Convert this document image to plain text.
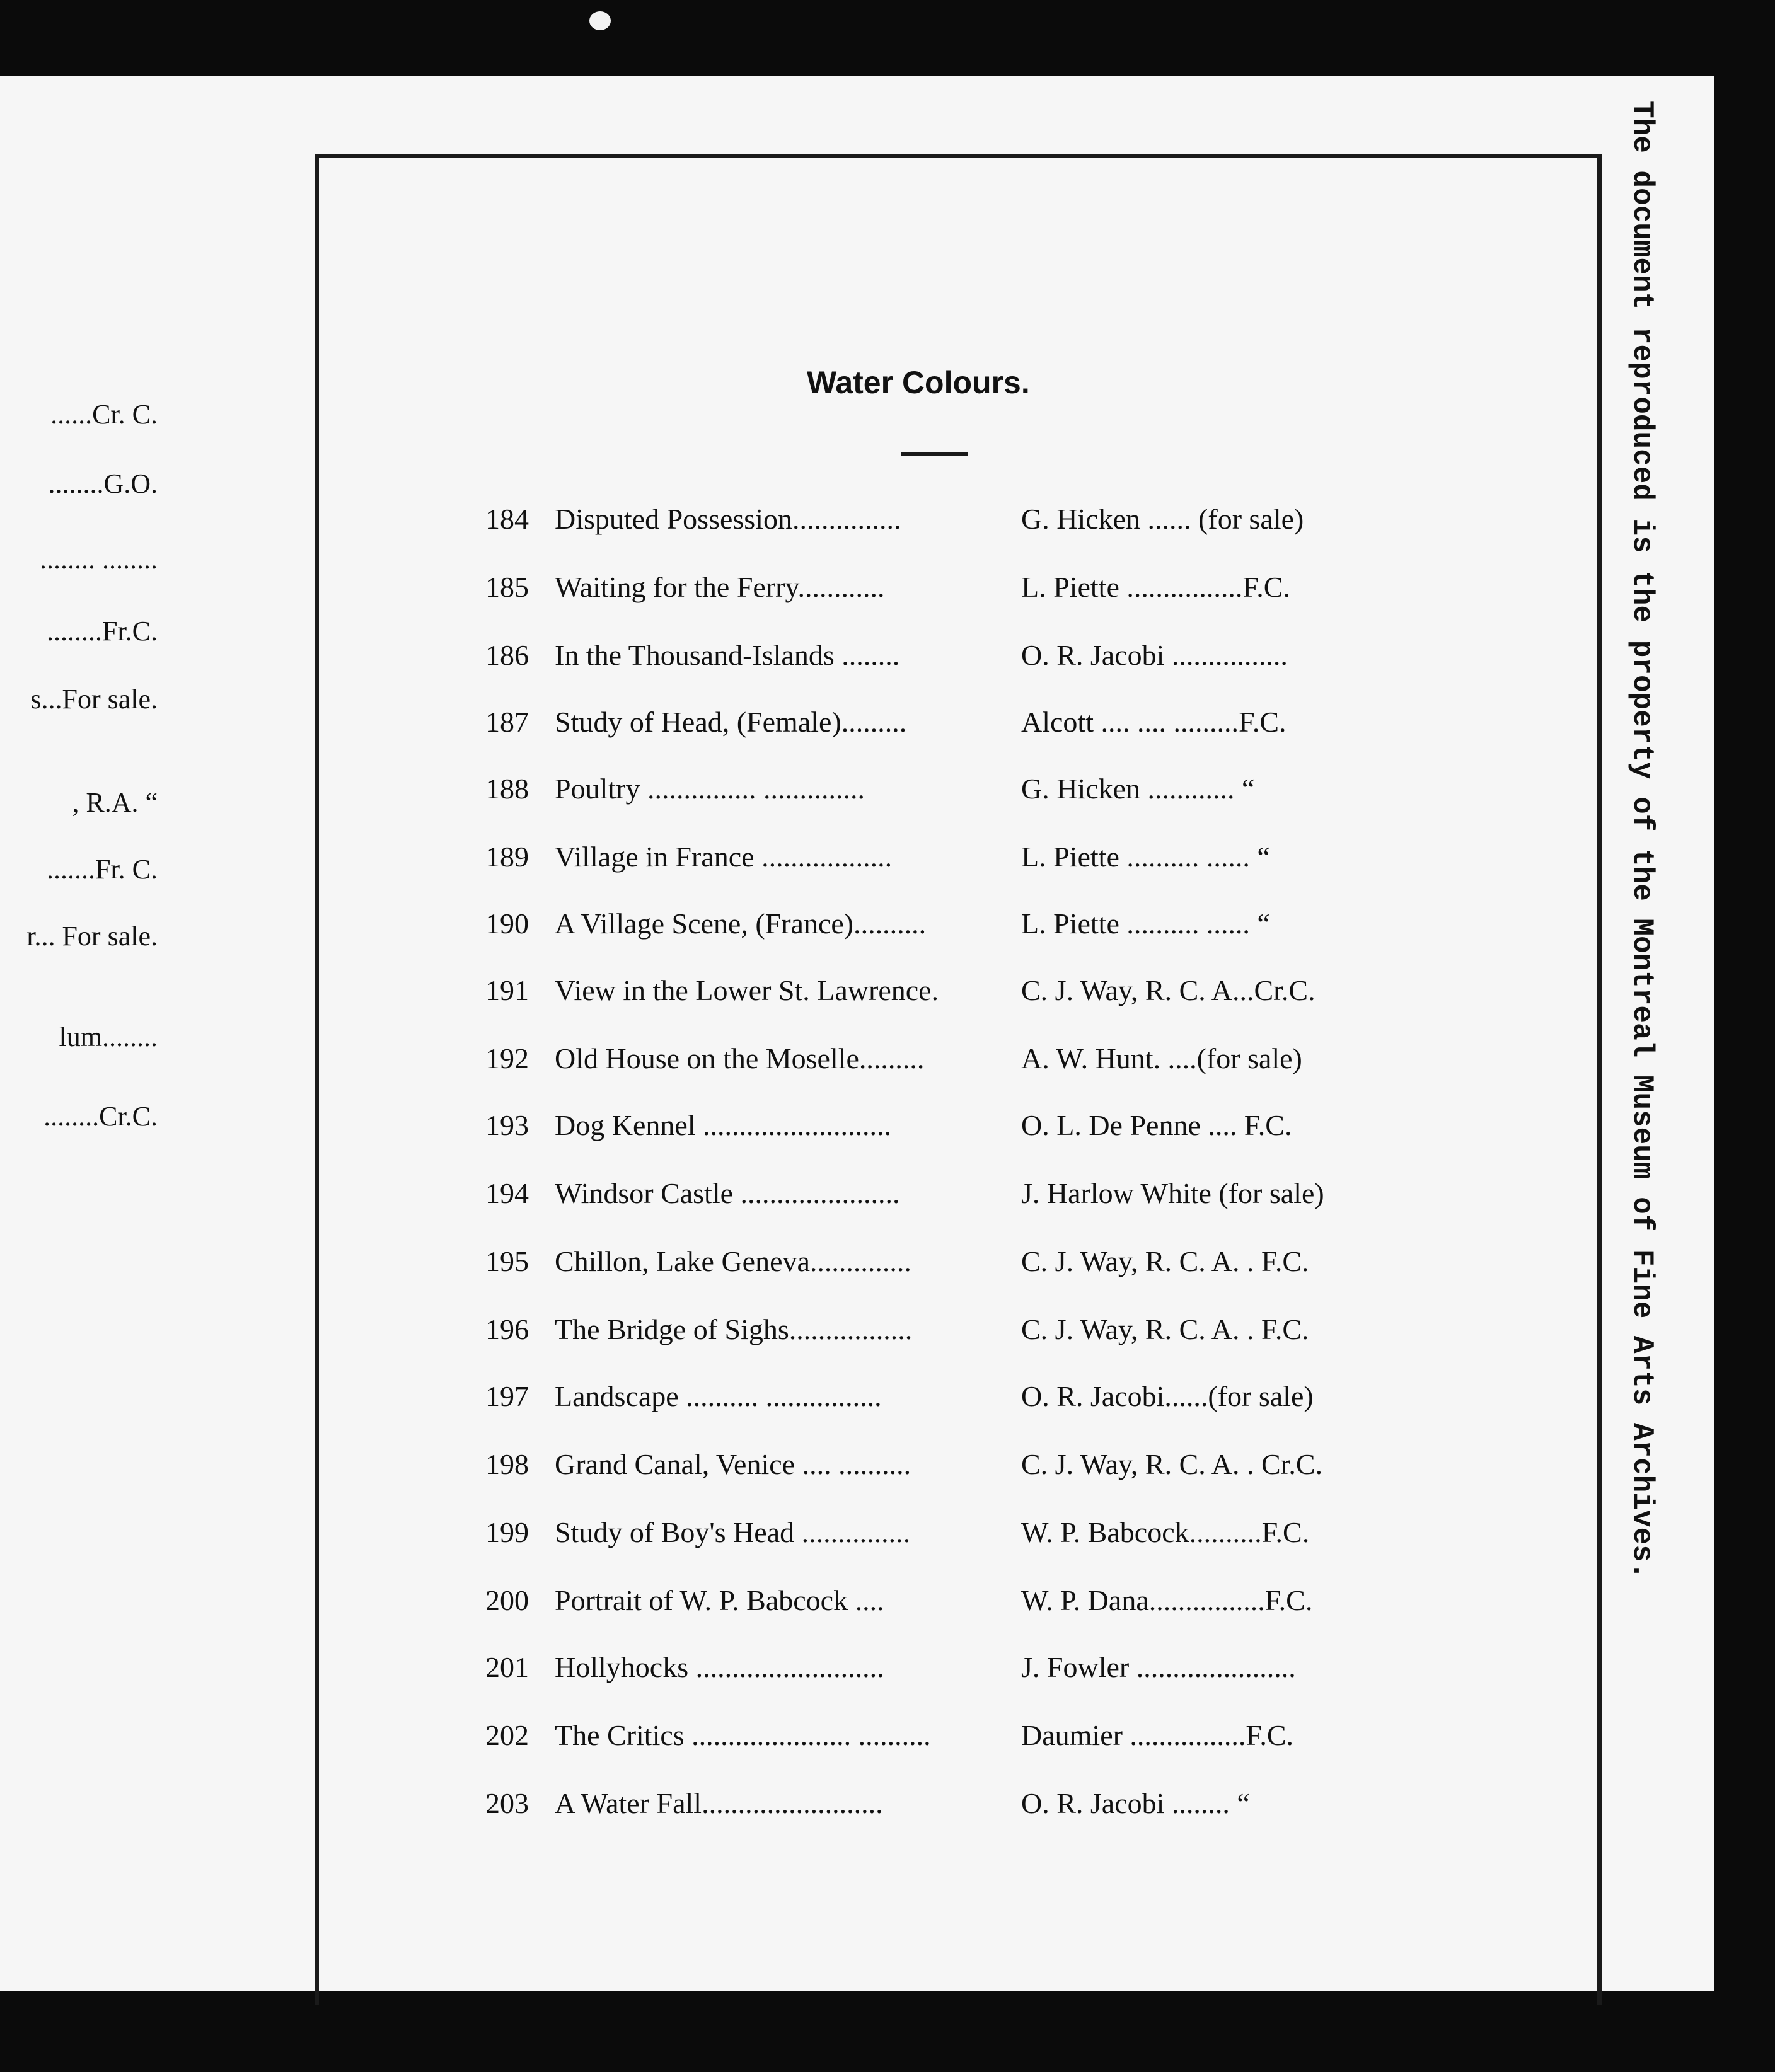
......Cr. C.
........G.O.
........ ........
........Fr.C.
s...For sale.
, R.A. “
.......Fr. C.
r... For sale.
lum........
........Cr.C.
Water Colours.
184 Disputed Possession...............	G. Hicken ...... (for sale)
185 Waiting for the Ferry............	L. Piette ................F.C.
186 In the Thousand-Islands ........	O. R. Jacobi ................
187 Study of Head, (Female).........	Alcott .... .... .........F.C.
188 Poultry ............... ..............	G. Hicken ............ “
189 Village in France ..................	L. Piette .......... ...... “
190 A Village Scene, (France)..........	L. Piette .......... ...... “
191 View in the Lower St. Lawrence.	C. J. Way, R. C. A...Cr.C.
192 Old House on the Moselle.........	A. W. Hunt. ....(for sale)
193 Dog Kennel ..........................	O. L. De Penne .... F.C.
194 Windsor Castle ......................	J. Harlow White (for sale)
195 Chillon, Lake Geneva..............	C. J. Way, R. C. A. . F.C.
196 The Bridge of Sighs.................	C. J. Way, R. C. A. . F.C.
197 Landscape .......... ................	O. R. Jacobi......(for sale)
198 Grand Canal, Venice .... ..........	C. J. Way, R. C. A. . Cr.C.
199 Study of Boy's Head ...............	W. P. Babcock..........F.C.
200 Portrait of W. P. Babcock ....	W. P. Dana................F.C.
201 Hollyhocks ..........................	J. Fowler ......................
202 The Critics ...................... ..........	Daumier ................F.C.
203 A Water Fall.........................	O. R. Jacobi ........ “
The document reproduced is the property of the Montreal Museum of Fine Arts Archives.
